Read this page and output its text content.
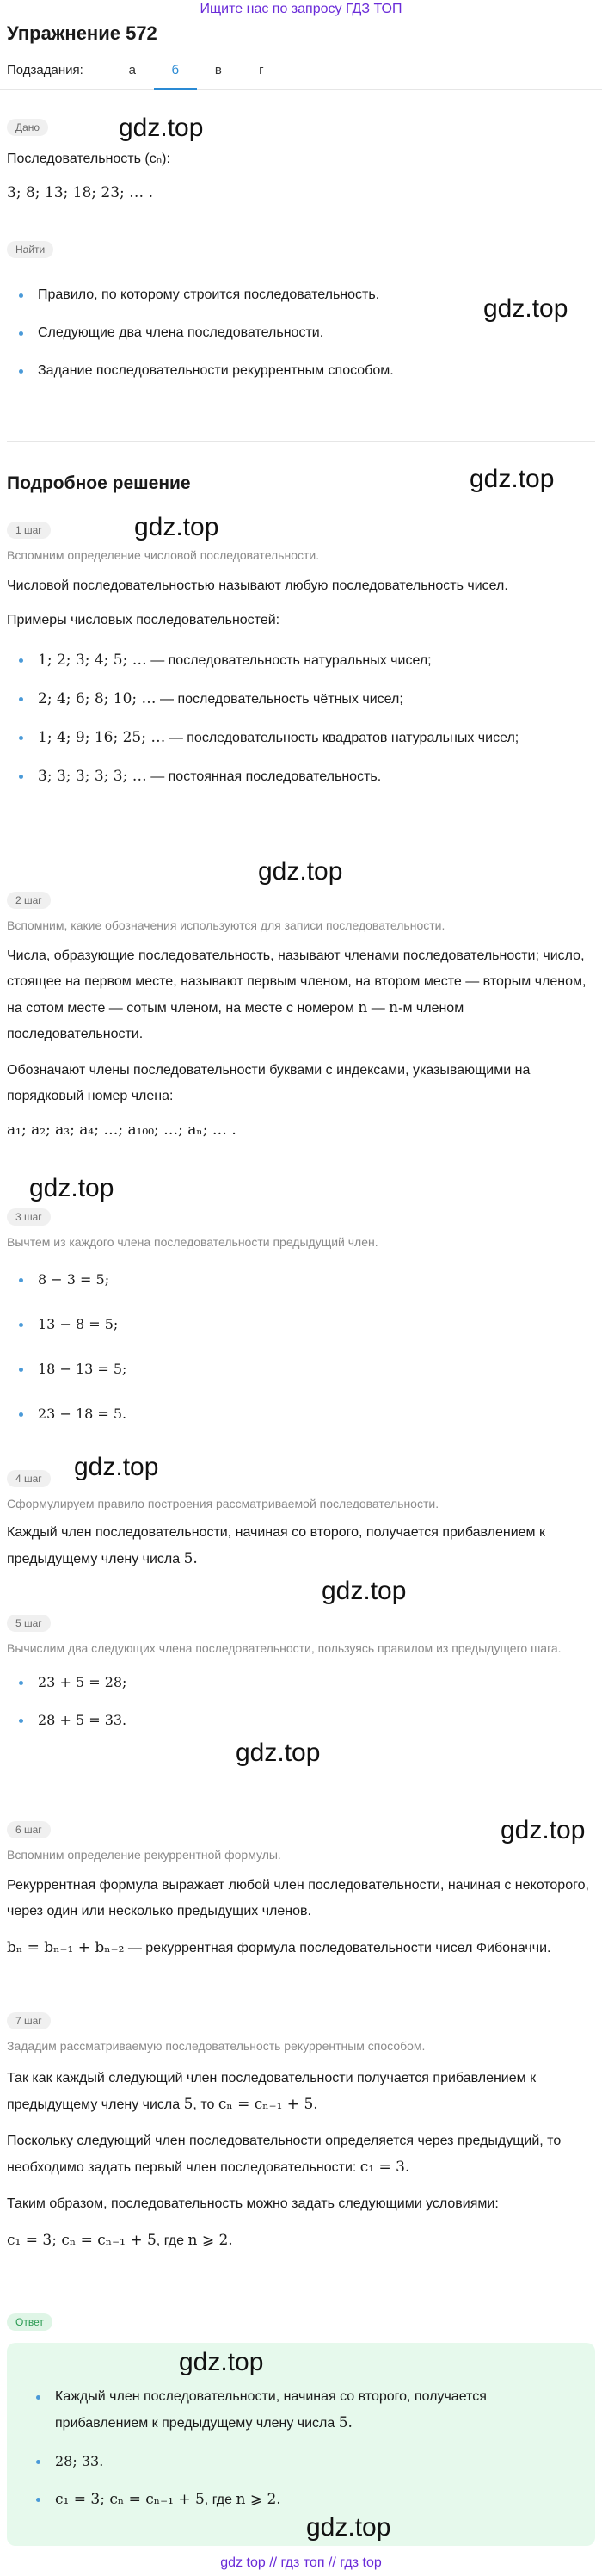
Ищите нас по запросу ГДЗ ТОП
Упражнение 572
Подзадания:	а	б	в	г
Дано
Последовательность (cₙ):
3; 8; 13; 18; 23; … .
Найти
Правило, по которому строится последовательность.
Следующие два члена последовательности.
Задание последовательности рекуррентным способом.
Подробное решение
1 шаг
Вспомним определение числовой последовательности.
Числовой последовательностью называют любую последовательность чисел.
Примеры числовых последовательностей:
1; 2; 3; 4; 5; … — последовательность натуральных чисел;
2; 4; 6; 8; 10; … — последовательность чётных чисел;
1; 4; 9; 16; 25; … — последовательность квадратов натуральных чисел;
3; 3; 3; 3; 3; … — постоянная последовательность.
2 шаг
Вспомним, какие обозначения используются для записи последовательности.
Числа, образующие последовательность, называют членами последовательности; число, стоящее на первом месте, называют первым членом, на втором месте — вторым членом, на сотом месте — сотым членом, на месте с номером n — n-м членом последовательности.
Обозначают члены последовательности буквами с индексами, указывающими на порядковый номер члена:
a₁; a₂; a₃; a₄; …; a₁₀₀; …; aₙ; … .
3 шаг
Вычтем из каждого члена последовательности предыдущий член.
8 − 3 = 5;
13 − 8 = 5;
18 − 13 = 5;
23 − 18 = 5.
4 шаг
Сформулируем правило построения рассматриваемой последовательности.
Каждый член последовательности, начиная со второго, получается прибавлением к предыдущему члену числа 5.
5 шаг
Вычислим два следующих члена последовательности, пользуясь правилом из предыдущего шага.
23 + 5 = 28;
28 + 5 = 33.
6 шаг
Вспомним определение рекуррентной формулы.
Рекуррентная формула выражает любой член последовательности, начиная с некоторого, через один или несколько предыдущих членов.
bₙ = bₙ₋₁ + bₙ₋₂ — рекуррентная формула последовательности чисел Фибоначчи.
Зададим рассматриваемую последовательность рекуррентным способом.
Так как каждый следующий член последовательности получается прибавлением к предыдущему члену числа 5, то cₙ = cₙ₋₁ + 5.
Поскольку следующий член последовательности определяется через предыдущий, то необходимо задать первый член последовательности: c₁ = 3.
Таким образом, последовательность можно задать следующими условиями:
c₁ = 3; cₙ = cₙ₋₁ + 5, где n ⩾ 2.
7 шаг
Ответ
Каждый член последовательности, начиная со второго, получается прибавлением к предыдущему члену числа 5.
28; 33.
c₁ = 3; cₙ = cₙ₋₁ + 5, где n ⩾ 2.
gdz.top
gdz.top
gdz.top
gdz.top
gdz.top
gdz.top
gdz.top
gdz.top
gdz.top
gdz.top
gdz.top
gdz.top
gdz top // гдз топ // гдз top
